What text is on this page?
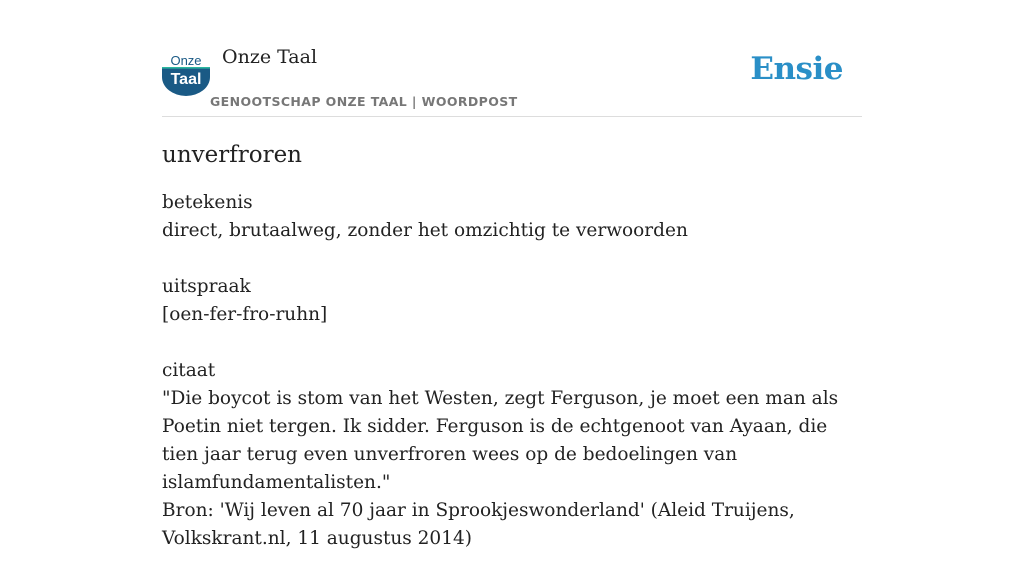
Onze
Taal
Onze Taal
GENOOTSCHAP ONZE TAAL | WOORDPOST
Ensie
unverfroren
betekenis
direct, brutaalweg, zonder het omzichtig te verwoorden
uitspraak
[oen-fer-fro-ruhn]
citaat
"Die boycot is stom van het Westen, zegt Ferguson, je moet een man als Poetin niet tergen. Ik sidder. Ferguson is de echtgenoot van Ayaan, die tien jaar terug even unverfroren wees op de bedoelingen van islamfundamentalisten."
Bron: 'Wij leven al 70 jaar in Sprookjeswonderland' (Aleid Truijens, Volkskrant.nl, 11 augustus 2014)
